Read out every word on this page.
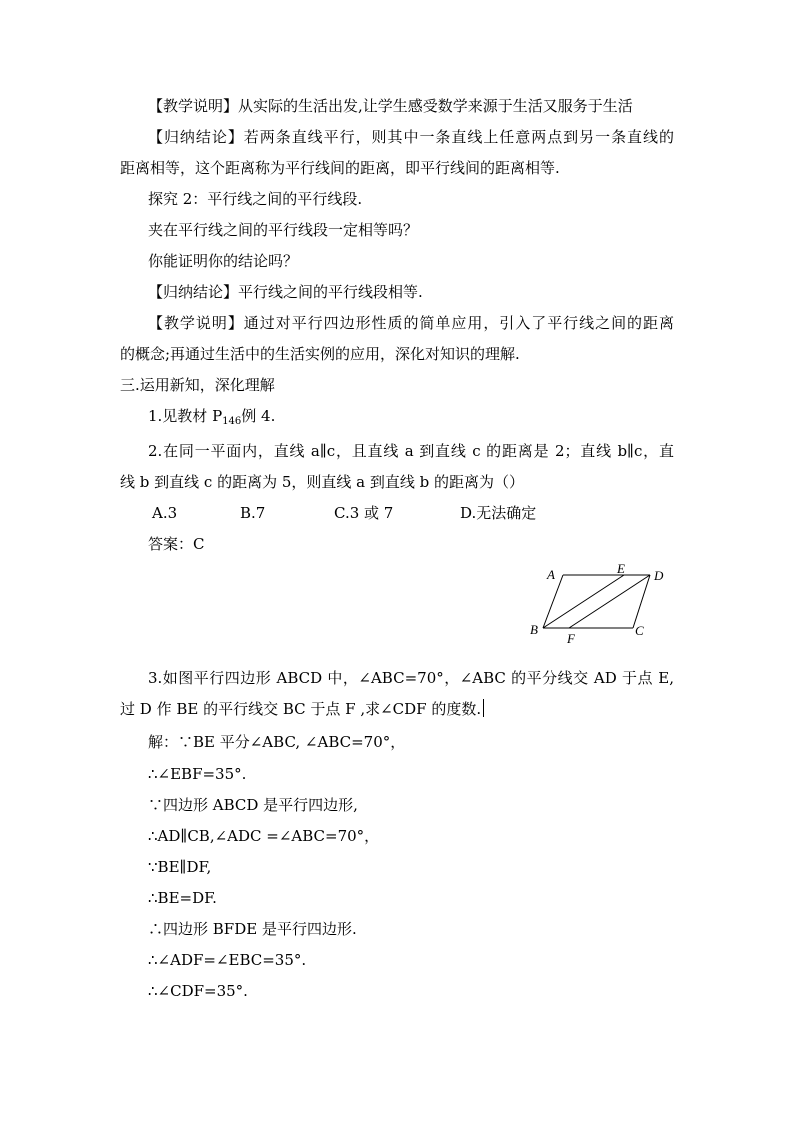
【教学说明】从实际的生活出发,让学生感受数学来源于生活又服务于生活
【归纳结论】若两条直线平行，则其中一条直线上任意两点到另一条直线的
距离相等，这个距离称为平行线间的距离，即平行线间的距离相等.
探究 2：平行线之间的平行线段.
夹在平行线之间的平行线段一定相等吗？
你能证明你的结论吗？
【归纳结论】平行线之间的平行线段相等.
【教学说明】通过对平行四边形性质的简单应用，引入了平行线之间的距离
的概念;再通过生活中的生活实例的应用，深化对知识的理解.
三.运用新知，深化理解
1.见教材 $P_{146}$例 4.
2.在同一平面内，直线 a∥c，且直线 a 到直线 c 的距离是 2；直线 b∥c，直
线 b 到直线 c 的距离为 5，则直线 a 到直线 b 的距离为（）
A.3	B.7	C.3 或 7	D.无法确定
答案：C
A	E D
B
F
C
3.如图平行四边形 ABCD 中，∠ABC=70°，∠ABC 的平分线交 AD 于点 E,
过 D 作 BE 的平行线交 BC 于点 F ,求∠CDF 的度数.
解：∵BE 平分∠ABC, ∠ABC=70°，
∴∠EBF=35°.
∵四边形 ABCD 是平行四边形,
∴AD∥CB,∠ADC =∠ABC=70°，
∵BE∥DF,
∴BE=DF.
∴四边形 BFDE 是平行四边形.
∴∠ADF=∠EBC=35°.
∴∠CDF=35°.
